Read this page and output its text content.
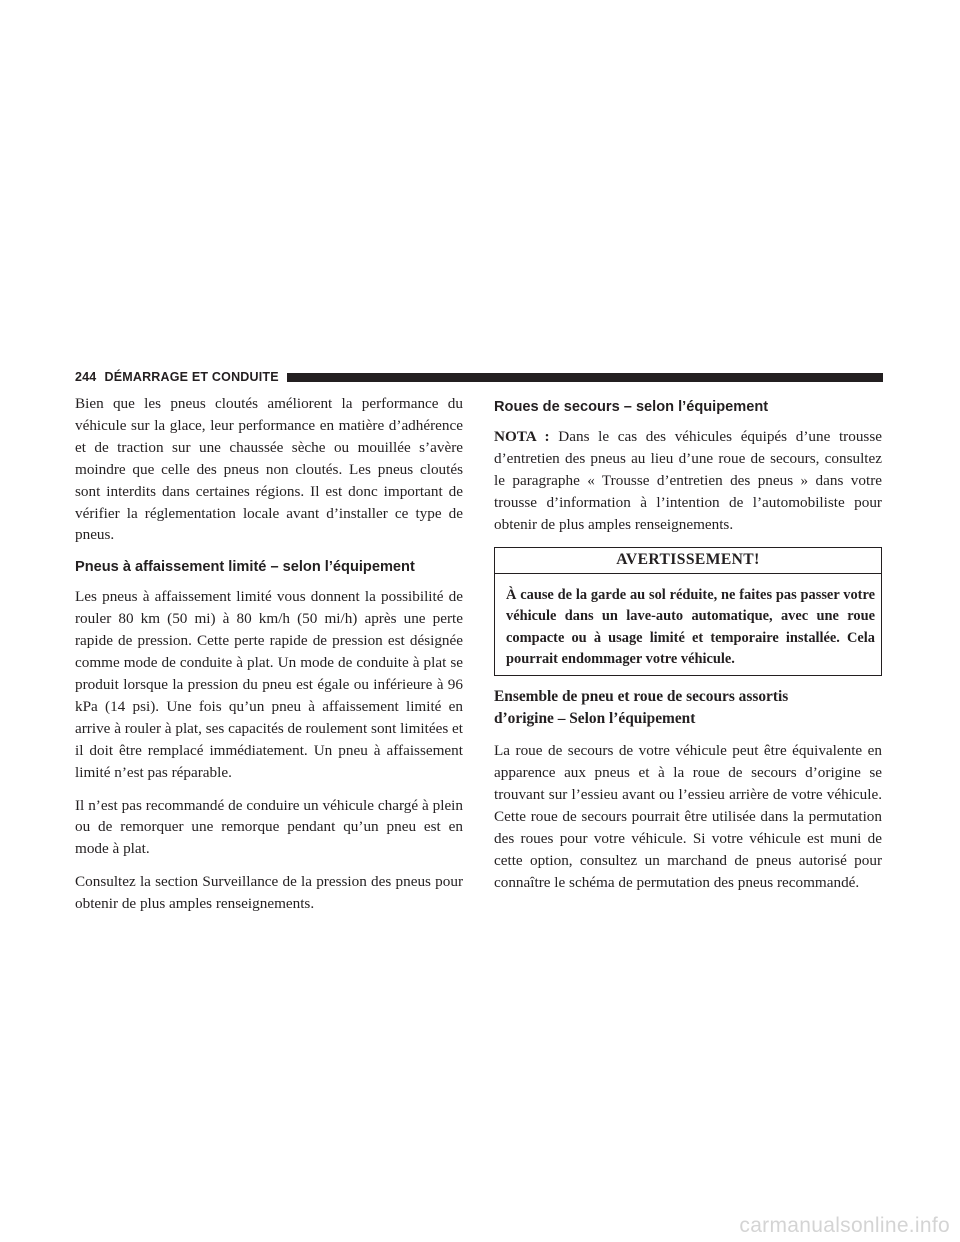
244 DÉMARRAGE ET CONDUITE

Bien que les pneus cloutés améliorent la performance du véhicule sur la glace, leur performance en matière d’adhérence et de traction sur une chaussée sèche ou mouillée s’avère moindre que celle des pneus non cloutés. Les pneus cloutés sont interdits dans certaines régions. Il est donc important de vérifier la réglementation locale avant d’installer ce type de pneus.

Pneus à affaissement limité – selon l’équipement

Les pneus à affaissement limité vous donnent la possibilité de rouler 80 km (50 mi) à 80 km/h (50 mi/h) après une perte rapide de pression. Cette perte rapide de pression est désignée comme mode de conduite à plat. Un mode de conduite à plat se produit lorsque la pression du pneu est égale ou inférieure à 96 kPa (14 psi). Une fois qu’un pneu à affaissement limité en arrive à rouler à plat, ses capacités de roulement sont limitées et il doit être remplacé immédiatement. Un pneu à affaissement limité n’est pas réparable.

Il n’est pas recommandé de conduire un véhicule chargé à plein ou de remorquer une remorque pendant qu’un pneu est en mode à plat.

Consultez la section Surveillance de la pression des pneus pour obtenir de plus amples renseignements.

Roues de secours – selon l’équipement

NOTA : Dans le cas des véhicules équipés d’une trousse d’entretien des pneus au lieu d’une roue de secours, consultez le paragraphe « Trousse d’entretien des pneus » dans votre trousse d’information à l’intention de l’automobiliste pour obtenir de plus amples renseignements.

AVERTISSEMENT!
À cause de la garde au sol réduite, ne faites pas passer votre véhicule dans un lave-auto automatique, avec une roue compacte ou à usage limité et temporaire installée. Cela pourrait endommager votre véhicule.
Ensemble de pneu et roue de secours assortis
d’origine – Selon l’équipement

La roue de secours de votre véhicule peut être équivalente en apparence aux pneus et à la roue de secours d’origine se trouvant sur l’essieu avant ou l’essieu arrière de votre véhicule. Cette roue de secours pourrait être utilisée dans la permutation des roues pour votre véhicule. Si votre véhicule est muni de cette option, consultez un marchand de pneus autorisé pour connaître le schéma de permutation des pneus recommandé.

carmanualsonline.info
